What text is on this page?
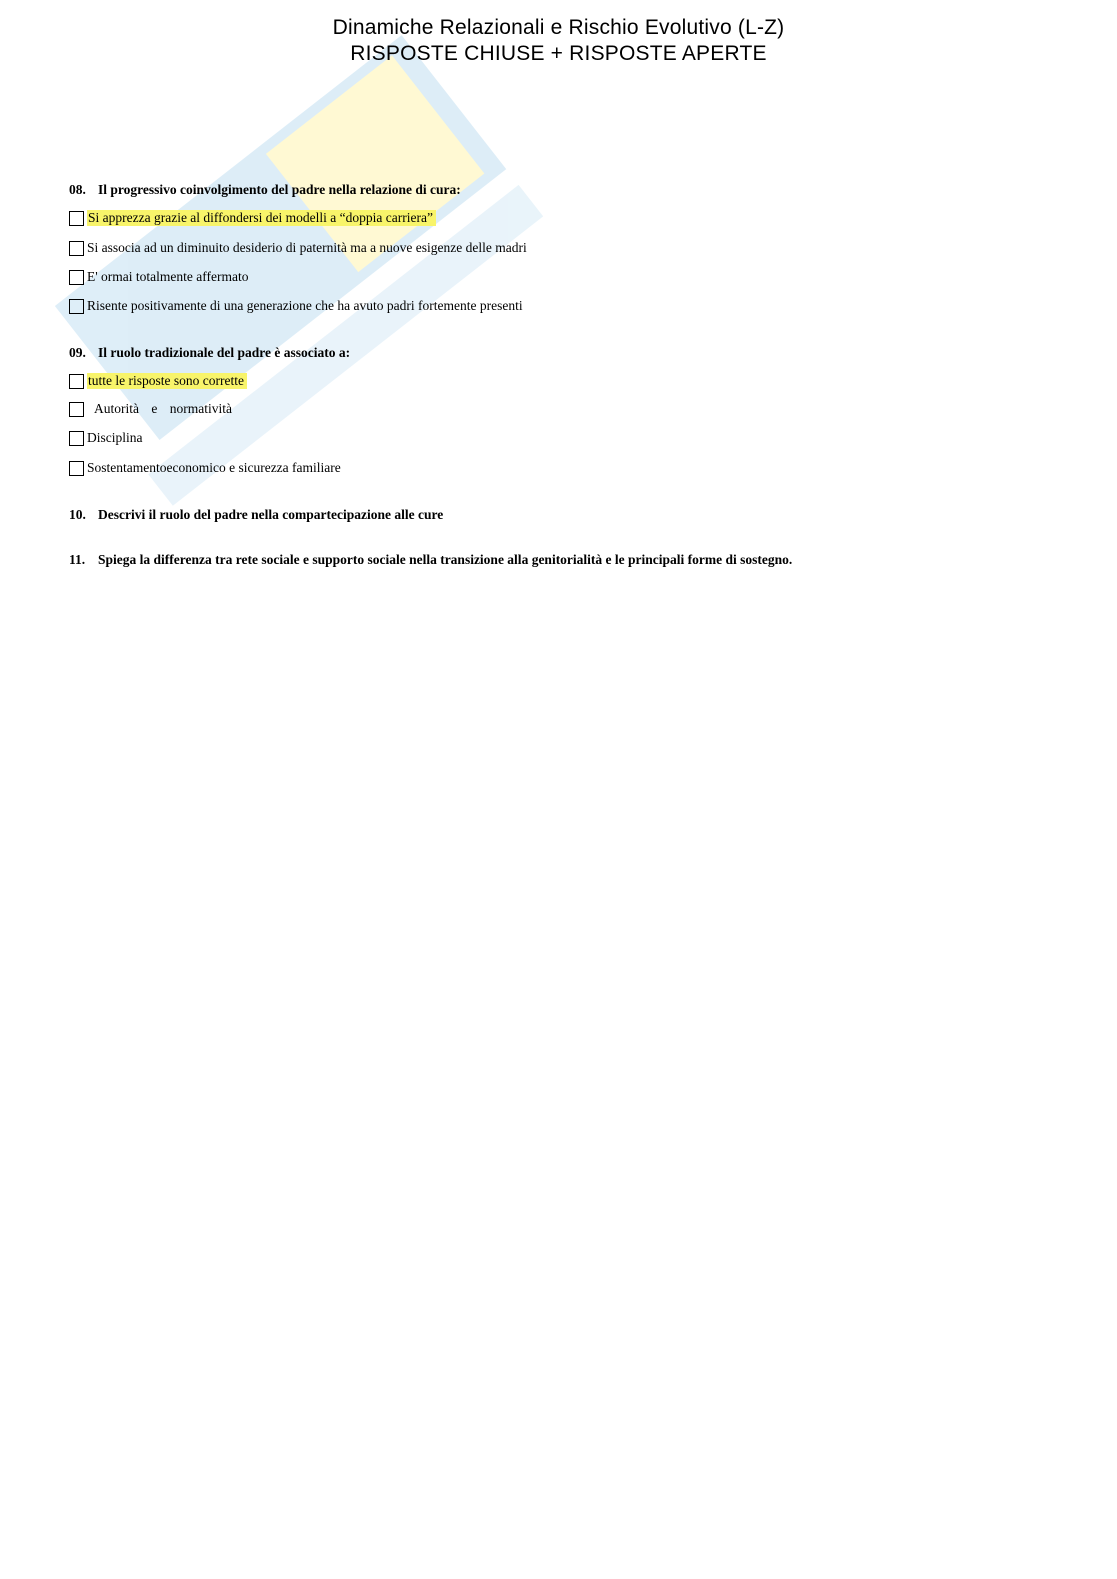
Dinamiche Relazionali e Rischio Evolutivo (L-Z)
RISPOSTE CHIUSE + RISPOSTE APERTE
08. Il progressivo coinvolgimento del padre nella relazione di cura:
Si apprezza grazie al diffondersi dei modelli a “doppia carriera”
Si associa ad un diminuito desiderio di paternità ma a nuove esigenze delle madri
E' ormai totalmente affermato
Risente positivamente di una generazione che ha avuto padri fortemente presenti
09. Il ruolo tradizionale del padre è associato a:
tutte le risposte sono corrette
Autorità e normatività
Disciplina
Sostentamentoeconomico e sicurezza familiare
10. Descrivi il ruolo del padre nella compartecipazione alle cure
11. Spiega la differenza tra rete sociale e supporto sociale nella transizione alla genitorialità e le principali forme di sostegno.
